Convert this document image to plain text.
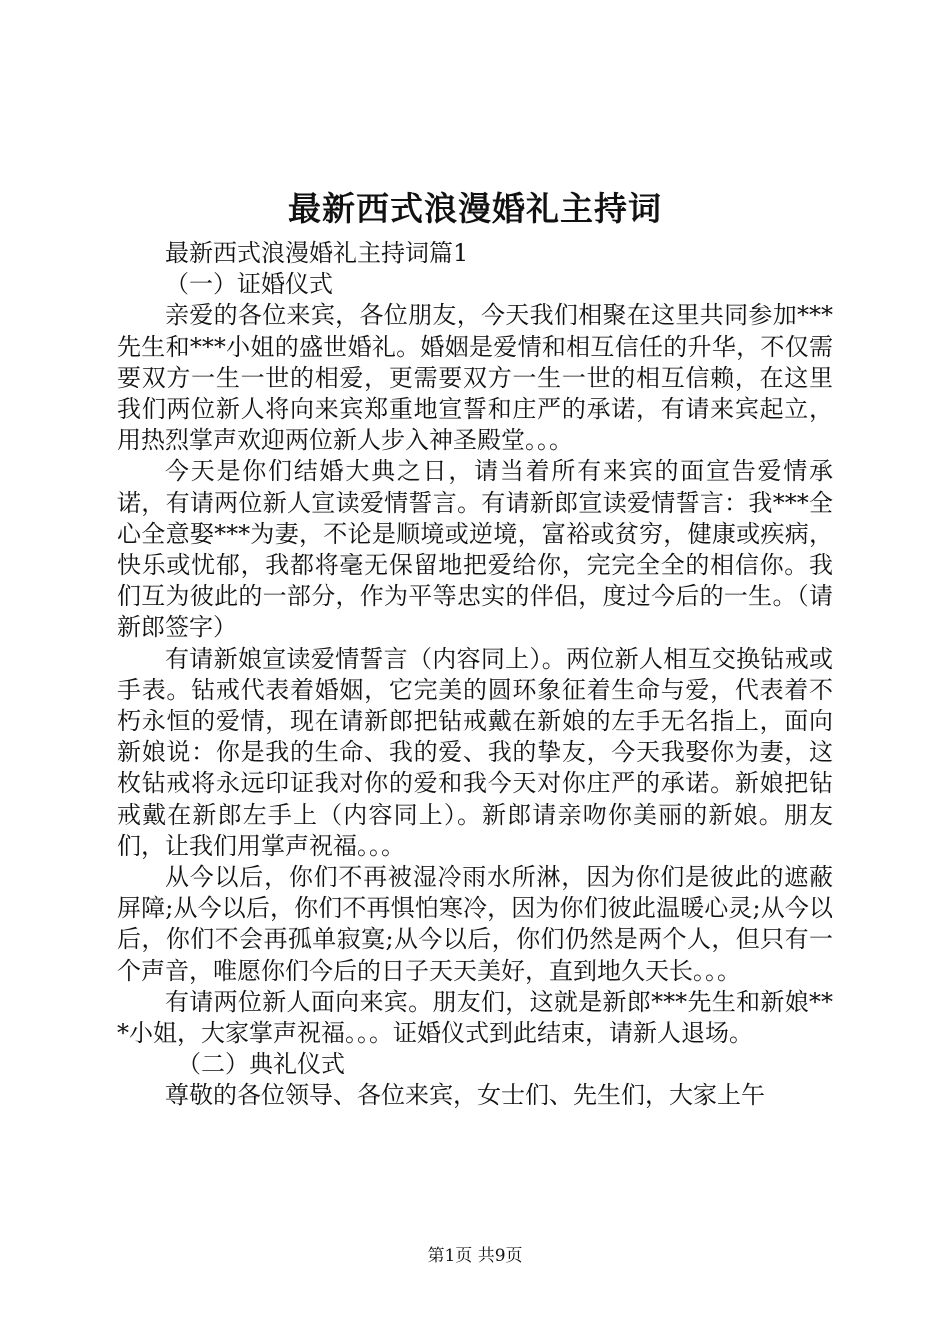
最新西式浪漫婚礼主持词

最新西式浪漫婚礼主持词篇1

（一）证婚仪式

亲爱的各位来宾，各位朋友，今天我们相聚在这里共同参加***先生和***小姐的盛世婚礼。婚姻是爱情和相互信任的升华，不仅需要双方一生一世的相爱，更需要双方一生一世的相互信赖，在这里我们两位新人将向来宾郑重地宣誓和庄严的承诺，有请来宾起立，用热烈掌声欢迎两位新人步入神圣殿堂。。。

今天是你们结婚大典之日，请当着所有来宾的面宣告爱情承诺，有请两位新人宣读爱情誓言。有请新郎宣读爱情誓言：我***全心全意娶***为妻，不论是顺境或逆境，富裕或贫穷，健康或疾病，快乐或忧郁，我都将毫无保留地把爱给你，完完全全的相信你。我们互为彼此的一部分，作为平等忠实的伴侣，度过今后的一生。（请新郎签字）

有请新娘宣读爱情誓言（内容同上）。两位新人相互交换钻戒或手表。钻戒代表着婚姻，它完美的圆环象征着生命与爱，代表着不朽永恒的爱情，现在请新郎把钻戒戴在新娘的左手无名指上，面向新娘说：你是我的生命、我的爱、我的挚友，今天我娶你为妻，这枚钻戒将永远印证我对你的爱和我今天对你庄严的承诺。新娘把钻戒戴在新郎左手上（内容同上）。新郎请亲吻你美丽的新娘。朋友们，让我们用掌声祝福。。。

从今以后，你们不再被湿冷雨水所淋，因为你们是彼此的遮蔽屏障;从今以后，你们不再惧怕寒冷，因为你们彼此温暖心灵;从今以后，你们不会再孤单寂寞;从今以后，你们仍然是两个人，但只有一个声音，唯愿你们今后的日子天天美好，直到地久天长。。。

有请两位新人面向来宾。朋友们，这就是新郎***先生和新娘***小姐，大家掌声祝福。。。证婚仪式到此结束，请新人退场。

（二）典礼仪式

尊敬的各位领导、各位来宾，女士们、先生们，大家上午

第1页 共9页
